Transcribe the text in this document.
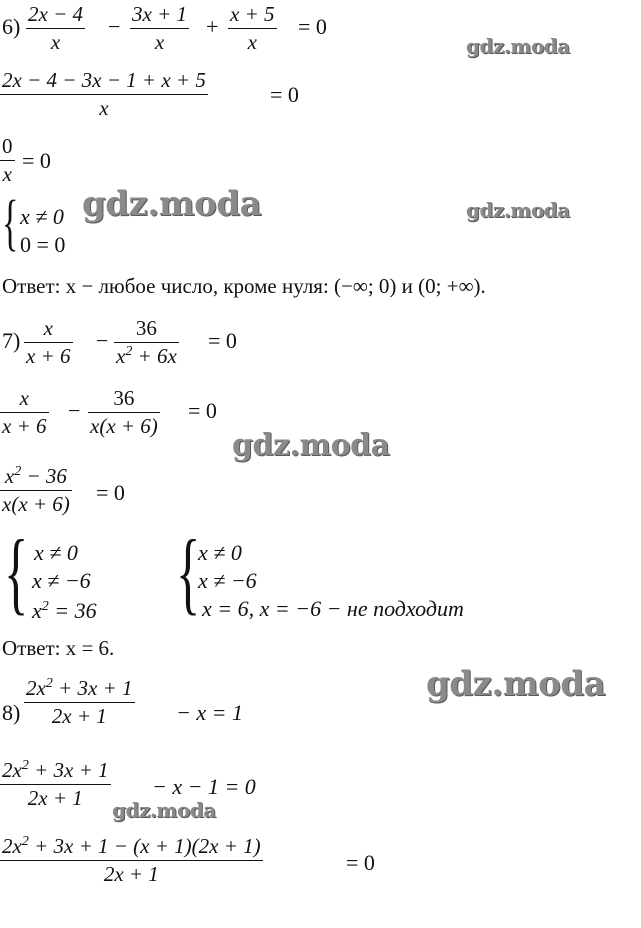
6) 2x − 4
x
− 3x + 1
x
+ x + 5
x
= 0
gdz.moda
2x − 4 − 3x − 1 + x + 5
x
= 0
0
x
= 0
{ x ≠ 0
0 = 0
gdz.moda	gdz.moda
Ответ: x − любое число, кроме нуля: (−∞; 0) и (0; +∞).
7) x
x + 6
− 36
$x^2 + 6x$
= 0
x
x + 6
− 36
x(x + 6)
= 0
gdz.moda
$x^2 - 36$
x(x + 6) = 0
{ x ≠ 0
x ≠ −6
$x^2 = 36$ {
x ≠ 0
x ≠ −6
x = 6, x = −6 − не подходит
Ответ: x = 6.
gdz.moda
8)
$2x^2 + 3x + 1$
2x + 1	− x = 1
$2x^2 + 3x + 1$
2x + 1	− x − 1 = 0
gdz.moda
$2x^2 + 3x + 1 - (x + 1)(2x + 1)$
2x + 1	= 0
